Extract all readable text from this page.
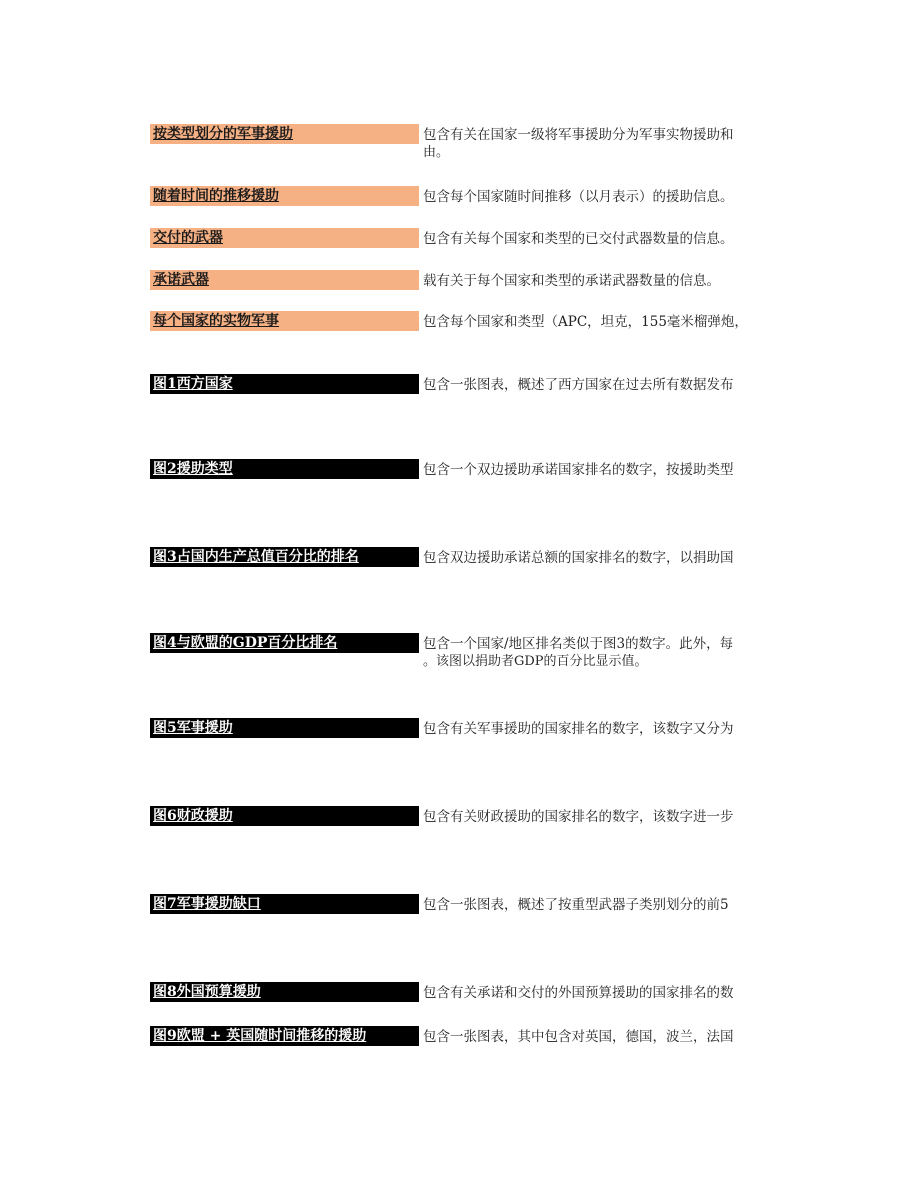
按类型划分的军事援助	包含有关在国家一级将军事援助分为军事实物援助和
由。
随着时间的推移援助	包含每个国家随时间推移（以月表示）的援助信息。
交付的武器	包含有关每个国家和类型的已交付武器数量的信息。
承诺武器	载有关于每个国家和类型的承诺武器数量的信息。
每个国家的实物军事	包含每个国家和类型（APC，坦克，155毫米榴弹炮，
图1西方国家	包含一张图表，概述了西方国家在过去所有数据发布
图2援助类型	包含一个双边援助承诺国家排名的数字，按援助类型
图3占国内生产总值百分比的排名	包含双边援助承诺总额的国家排名的数字，以捐助国
图4与欧盟的GDP百分比排名	包含一个国家/地区排名类似于图3的数字。此外，每
。该图以捐助者GDP的百分比显示值。
图5军事援助	包含有关军事援助的国家排名的数字，该数字又分为
图6财政援助	包含有关财政援助的国家排名的数字，该数字进一步
图7军事援助缺口	包含一张图表，概述了按重型武器子类别划分的前5
图8外国预算援助	包含有关承诺和交付的外国预算援助的国家排名的数
图9欧盟 + 英国随时间推移的援助	包含一张图表，其中包含对英国，德国，波兰，法国
